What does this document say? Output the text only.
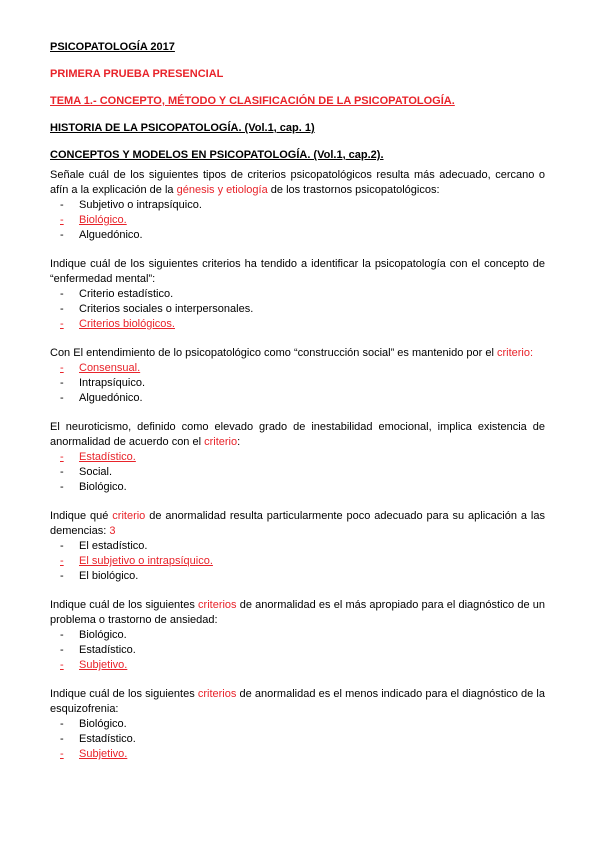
PSICOPATOLOGÍA 2017

PRIMERA PRUEBA PRESENCIAL

TEMA 1.- CONCEPTO, MÉTODO Y CLASIFICACIÓN DE LA PSICOPATOLOGÍA.

HISTORIA DE LA PSICOPATOLOGÍA. (Vol.1, cap. 1)

CONCEPTOS Y MODELOS EN PSICOPATOLOGÍA. (Vol.1, cap.2).

Señale cuál de los siguientes tipos de criterios psicopatológicos resulta más adecuado, cercano o afín a la explicación de la génesis y etiología de los trastornos psicopatológicos:

- Subjetivo o intrapsíquico.
- Biológico.
- Alguedónico.

Indique cuál de los siguientes criterios ha tendido a identificar la psicopatología con el concepto de “enfermedad mental”:

- Criterio estadístico.
- Criterios sociales o interpersonales.
- Criterios biológicos.

Con El entendimiento de lo psicopatológico como “construcción social” es mantenido por el criterio:

- Consensual.
- Intrapsíquico.
- Alguedónico.

El neuroticismo, definido como elevado grado de inestabilidad emocional, implica existencia de anormalidad de acuerdo con el criterio:

- Estadístico.
- Social.
- Biológico.

Indique qué criterio de anormalidad resulta particularmente poco adecuado para su aplicación a las demencias: 3

- El estadístico.
- El subjetivo o intrapsíquico.
- El biológico.

Indique cuál de los siguientes criterios de anormalidad es el más apropiado para el diagnóstico de un problema o trastorno de ansiedad:

- Biológico.
- Estadístico.
- Subjetivo.

Indique cuál de los siguientes criterios de anormalidad es el menos indicado para el diagnóstico de la esquizofrenia:

- Biológico.
- Estadístico.
- Subjetivo.
